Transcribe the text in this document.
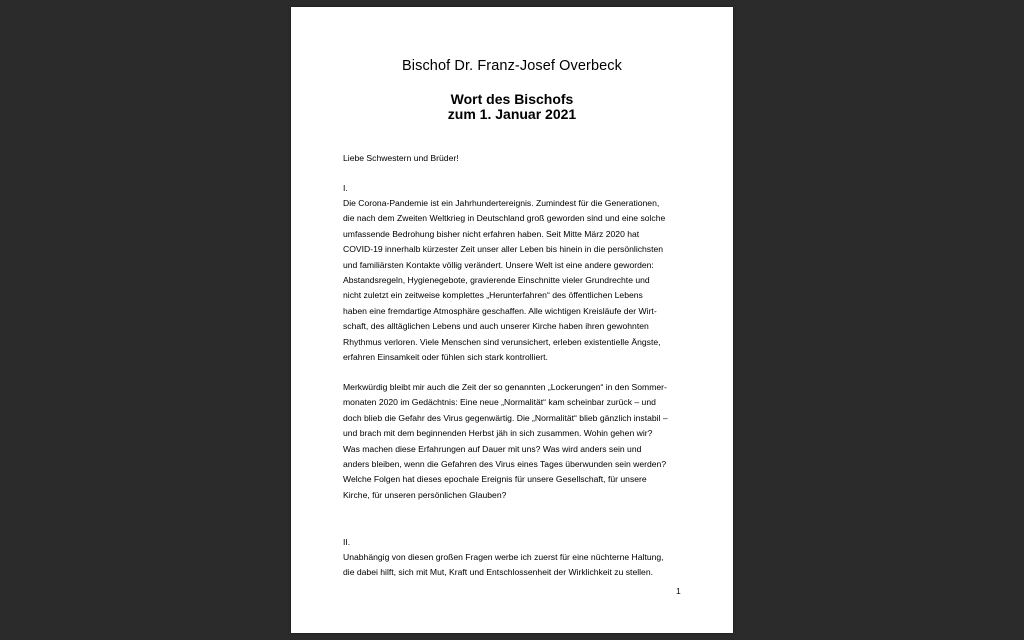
Bischof Dr. Franz-Josef Overbeck
Wort des Bischofs
zum 1. Januar 2021
Liebe Schwestern und Brüder!
I.
Die Corona-Pandemie ist ein Jahrhundertereignis. Zumindest für die Generationen,
die nach dem Zweiten Weltkrieg in Deutschland groß geworden sind und eine solche
umfassende Bedrohung bisher nicht erfahren haben. Seit Mitte März 2020 hat
COVID-19 innerhalb kürzester Zeit unser aller Leben bis hinein in die persönlichsten
und familiärsten Kontakte völlig verändert. Unsere Welt ist eine andere geworden:
Abstandsregeln, Hygienegebote, gravierende Einschnitte vieler Grundrechte und
nicht zuletzt ein zeitweise komplettes „Herunterfahren“ des öffentlichen Lebens
haben eine fremdartige Atmosphäre geschaffen. Alle wichtigen Kreisläufe der Wirt-
schaft, des alltäglichen Lebens und auch unserer Kirche haben ihren gewohnten
Rhythmus verloren. Viele Menschen sind verunsichert, erleben existentielle Ängste,
erfahren Einsamkeit oder fühlen sich stark kontrolliert.
Merkwürdig bleibt mir auch die Zeit der so genannten „Lockerungen“ in den Sommer-
monaten 2020 im Gedächtnis: Eine neue „Normalität“ kam scheinbar zurück – und
doch blieb die Gefahr des Virus gegenwärtig. Die „Normalität“ blieb gänzlich instabil –
und brach mit dem beginnenden Herbst jäh in sich zusammen. Wohin gehen wir?
Was machen diese Erfahrungen auf Dauer mit uns? Was wird anders sein und
anders bleiben, wenn die Gefahren des Virus eines Tages überwunden sein werden?
Welche Folgen hat dieses epochale Ereignis für unsere Gesellschaft, für unsere
Kirche, für unseren persönlichen Glauben?
II.
Unabhängig von diesen großen Fragen werbe ich zuerst für eine nüchterne Haltung,
die dabei hilft, sich mit Mut, Kraft und Entschlossenheit der Wirklichkeit zu stellen.
1
